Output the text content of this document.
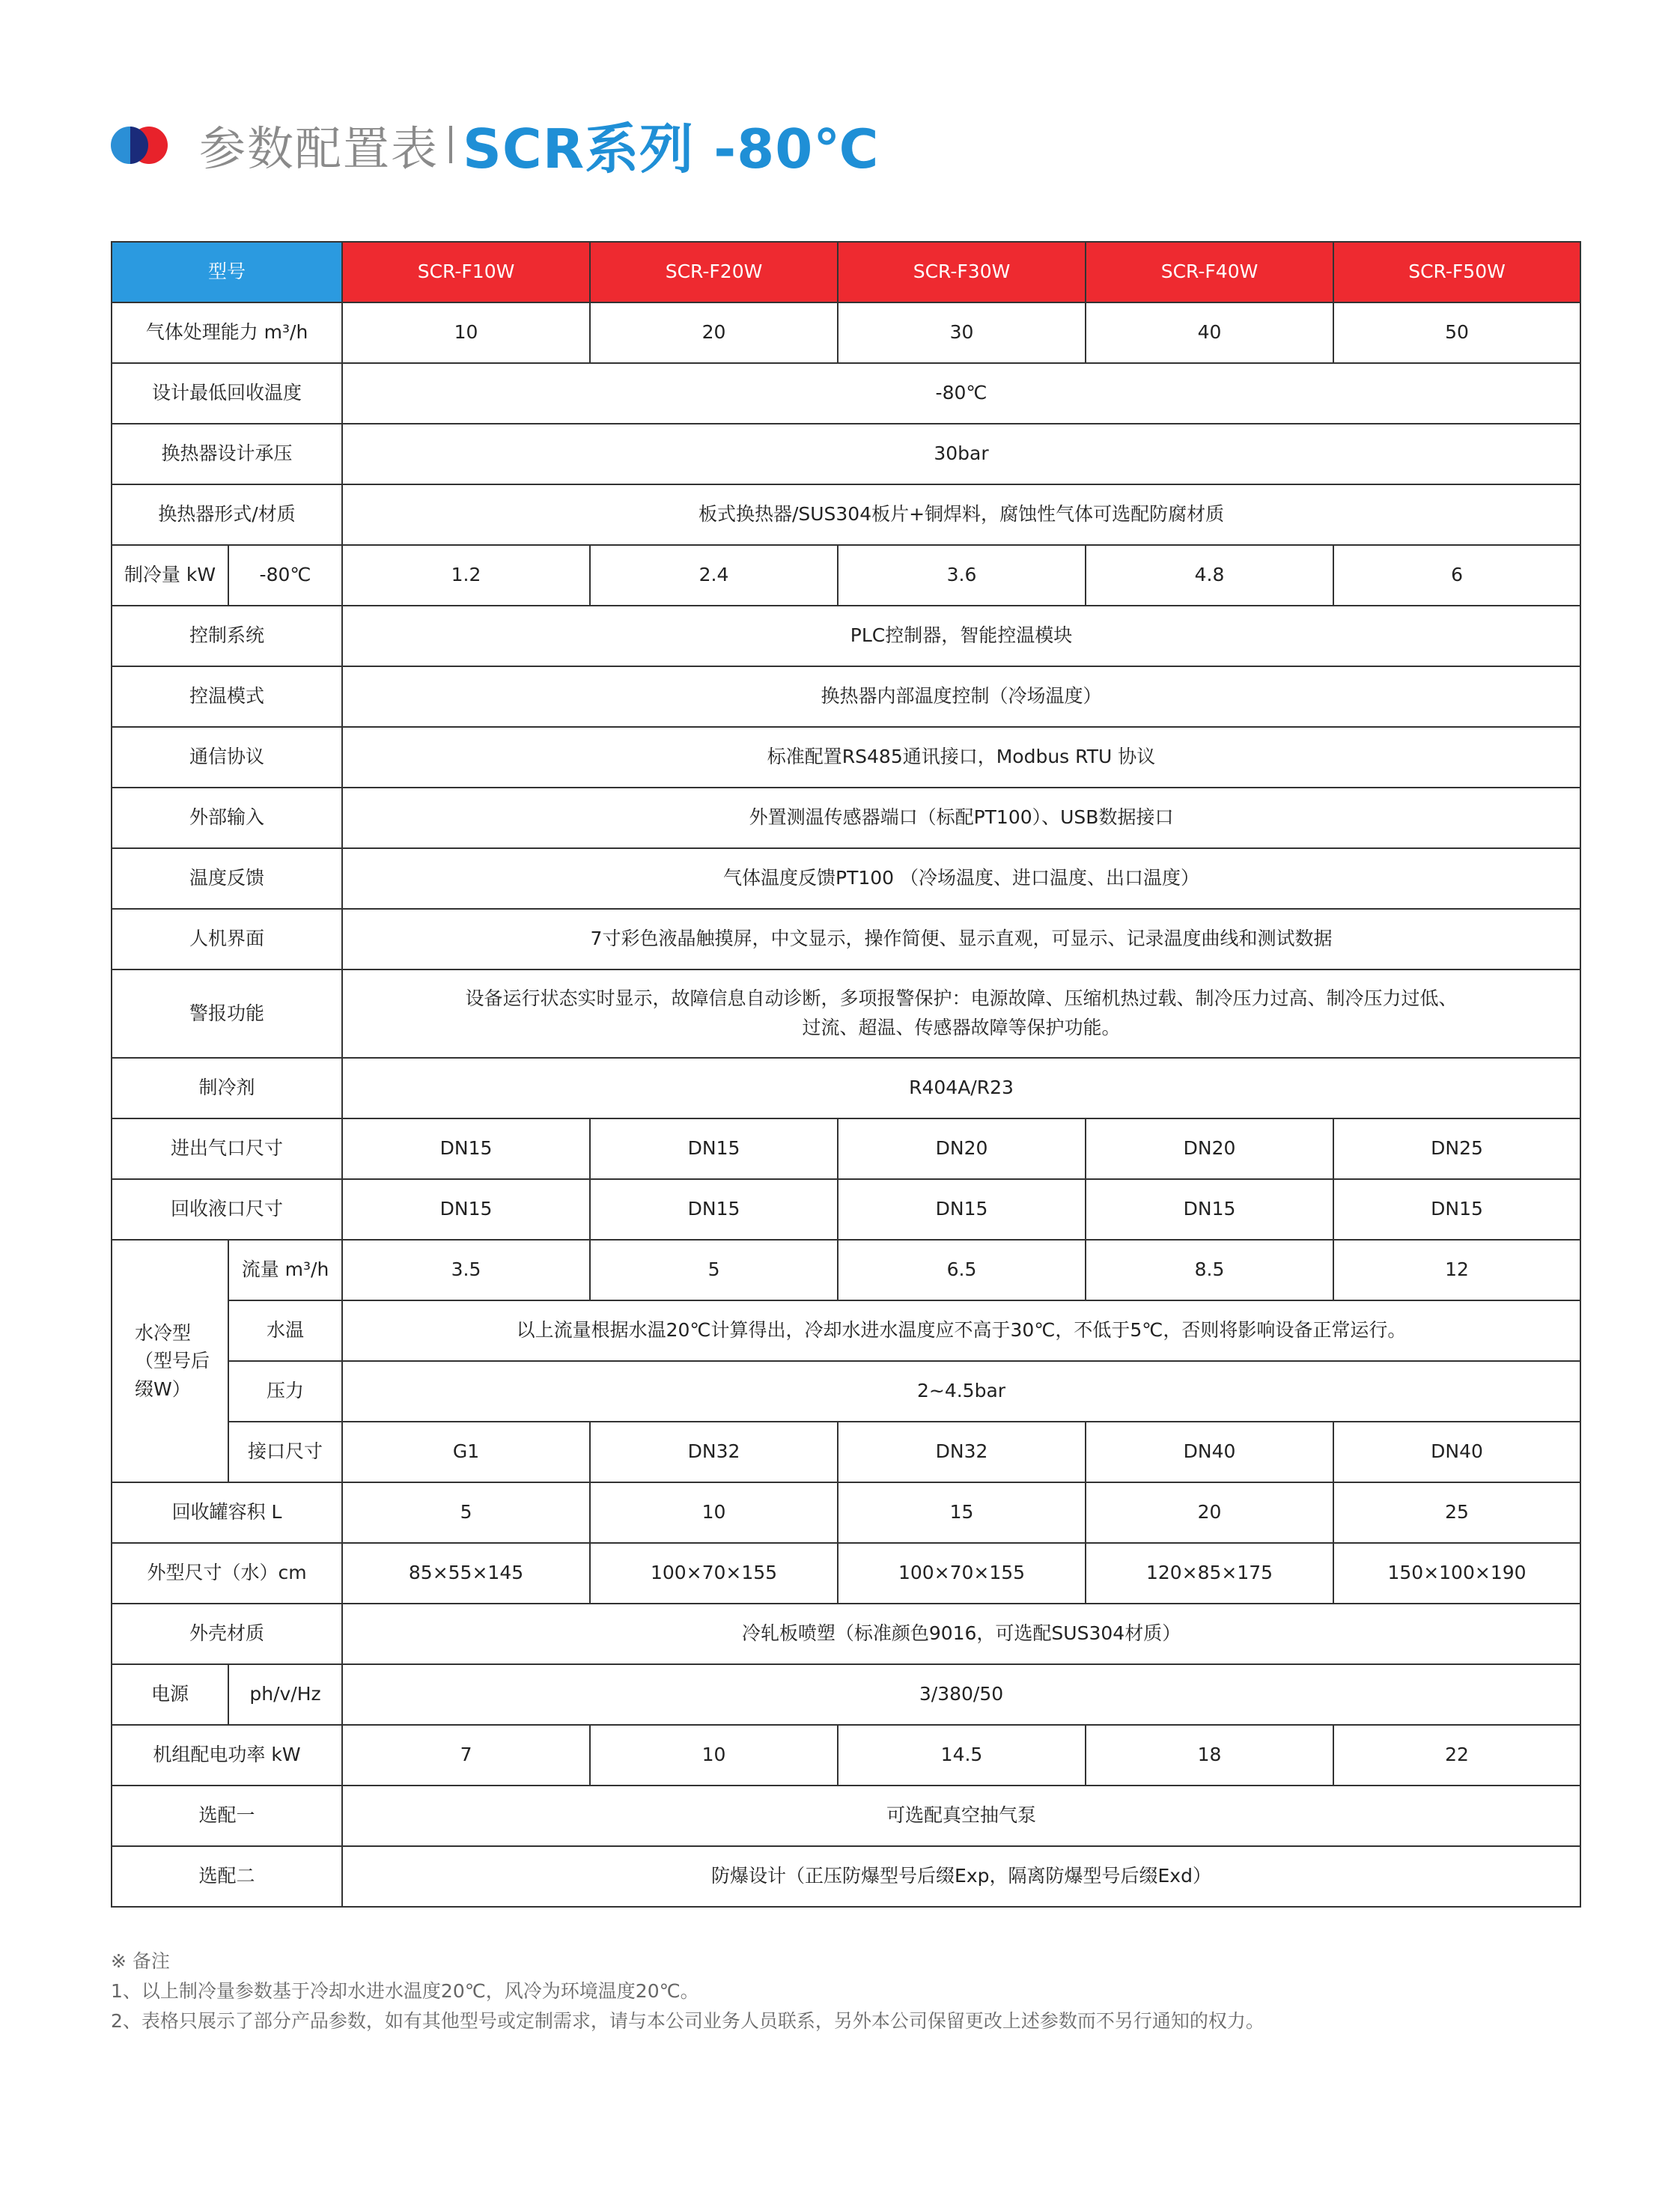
参数配置表 SCR系列 -80℃
型号		SCR-F10W	SCR-F20W	SCR-F30W	SCR-F40W	SCR-F50W
气体处理能力 m³/h		10	20	30	40	50
设计最低回收温度		-80℃				
换热器设计承压		30bar				
换热器形式/材质		板式换热器/SUS304板片+铜焊料，腐蚀性气体可选配防腐材质				
制冷量 kW	-80℃	1.2	2.4	3.6	4.8	6
控制系统		PLC控制器，智能控温模块				
控温模式		换热器内部温度控制（冷场温度）				
通信协议		标准配置RS485通讯接口，Modbus RTU 协议				
外部输入		外置测温传感器端口（标配PT100）、USB数据接口				
温度反馈		气体温度反馈PT100 （冷场温度、进口温度、出口温度）				
人机界面		7寸彩色液晶触摸屏，中文显示，操作简便、显示直观，可显示、记录温度曲线和测试数据				
警报功能		设备运行状态实时显示，故障信息自动诊断，多项报警保护：电源故障、压缩机热过载、制冷压力过高、制冷压力过低、
过流、超温、传感器故障等保护功能。				

制冷剂		R404A/R23				
进出气口尺寸		DN15	DN15	DN20	DN20	DN25
回收液口尺寸		DN15	DN15	DN15	DN15	DN15

水冷型
（型号后
缀W）	流量 m³/h	3.5	5	6.5	8.5	12
	水温	以上流量根据水温20℃计算得出，冷却水进水温度应不高于30℃，不低于5℃，否则将影响设备正常运行。				
	压力	2~4.5bar				
	接口尺寸	G1	DN32	DN32	DN40	DN40
回收罐容积 L		5	10	15	20	25
外型尺寸（水）cm		85×55×145	100×70×155	100×70×155	120×85×175	150×100×190
外壳材质		冷轧板喷塑（标准颜色9016，可选配SUS304材质）				
电源	ph/v/Hz	3/380/50				
机组配电功率 kW		7	10	14.5	18	22
选配一		可选配真空抽气泵				
选配二		防爆设计（正压防爆型号后缀Exp，隔离防爆型号后缀Exd）				
※ 备注
1、以上制冷量参数基于冷却水进水温度20℃，风冷为环境温度20℃。
2、表格只展示了部分产品参数，如有其他型号或定制需求，请与本公司业务人员联系，另外本公司保留更改上述参数而不另行通知的权力。
